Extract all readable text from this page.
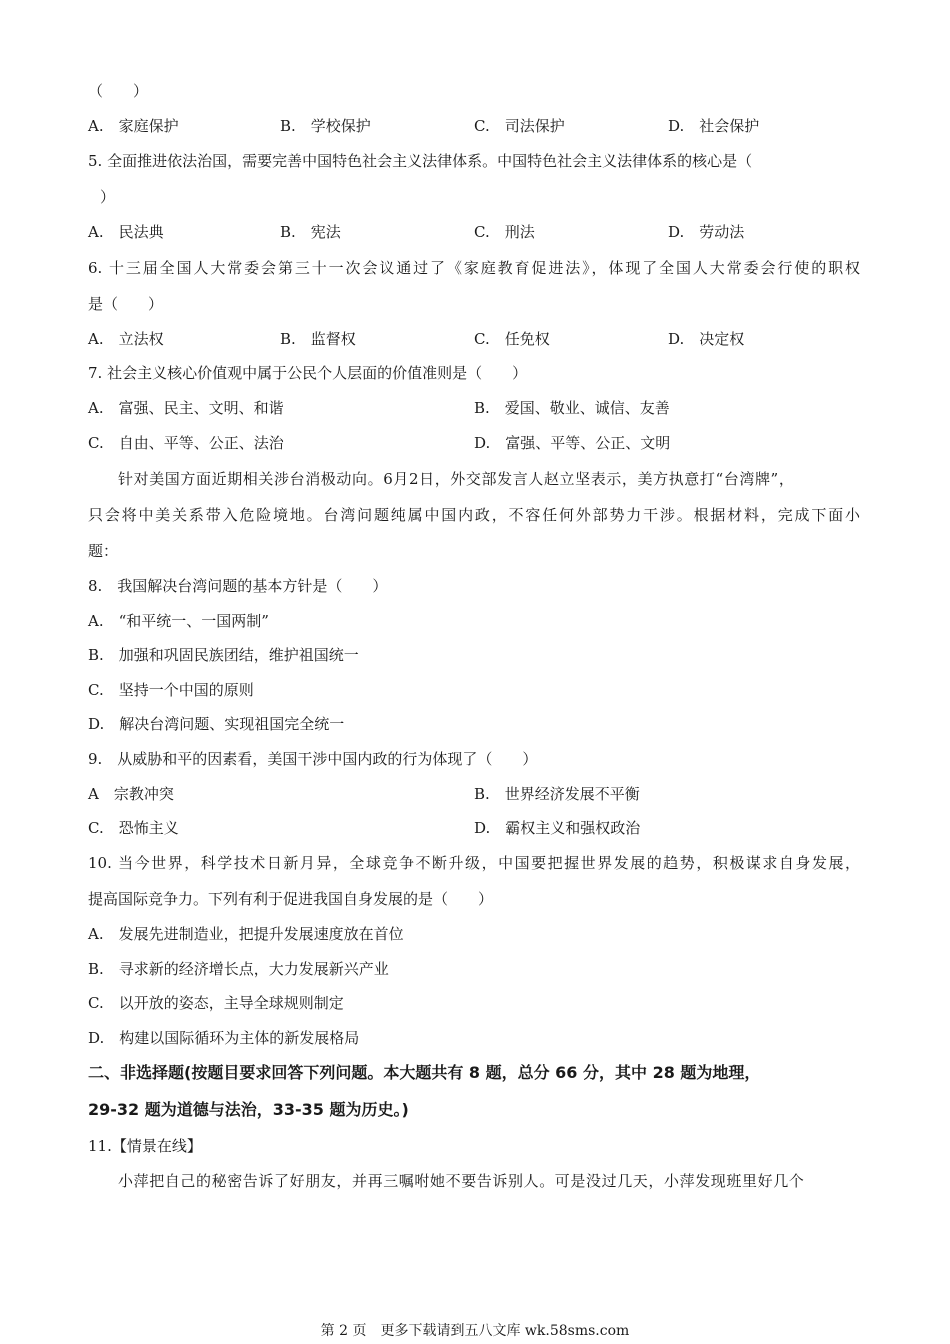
（　　）
A.　家庭保护	B.　学校保护	C.　司法保护	D.　社会保护
5. 全面推进依法治国，需要完善中国特色社会主义法律体系。中国特色社会主义法律体系的核心是（
）
A.　民法典	B.　宪法	C.　刑法	D.　劳动法
6. 十三届全国人大常委会第三十一次会议通过了《家庭教育促进法》，体现了全国人大常委会行使的职权
是（　　）
A.　立法权	B.　监督权	C.　任免权	D.　决定权
7. 社会主义核心价值观中属于公民个人层面的价值准则是（　　）
A.　富强、民主、文明、和谐	B.　爱国、敬业、诚信、友善
C.　自由、平等、公正、法治	D.　富强、平等、公正、文明
针对美国方面近期相关涉台消极动向。6月2日，外交部发言人赵立坚表示，美方执意打“台湾牌”，
只会将中美关系带入危险境地。台湾问题纯属中国内政，不容任何外部势力干涉。根据材料，完成下面小
题：
8.　我国解决台湾问题的基本方针是（　　）
A.　“和平统一、一国两制”
B.　加强和巩固民族团结，维护祖国统一
C.　坚持一个中国的原则
D.　解决台湾问题、实现祖国完全统一
9.　从威胁和平的因素看，美国干涉中国内政的行为体现了（　　）
A　宗教冲突	B.　世界经济发展不平衡
C.　恐怖主义	D.　霸权主义和强权政治
10. 当今世界，科学技术日新月异，全球竞争不断升级，中国要把握世界发展的趋势，积极谋求自身发展，
提高国际竞争力。下列有利于促进我国自身发展的是（　　）
A.　发展先进制造业，把提升发展速度放在首位
B.　寻求新的经济增长点，大力发展新兴产业
C.　以开放的姿态，主导全球规则制定
D.　构建以国际循环为主体的新发展格局
二、非选择题(按题目要求回答下列问题。本大题共有 8 题，总分 66 分，其中 28 题为地理，
29-32 题为道德与法治，33-35 题为历史。)
11.【情景在线】
小萍把自己的秘密告诉了好朋友，并再三嘱咐她不要告诉别人。可是没过几天，小萍发现班里好几个
第 2 页　更多下载请到五八文库 wk.58sms.com
